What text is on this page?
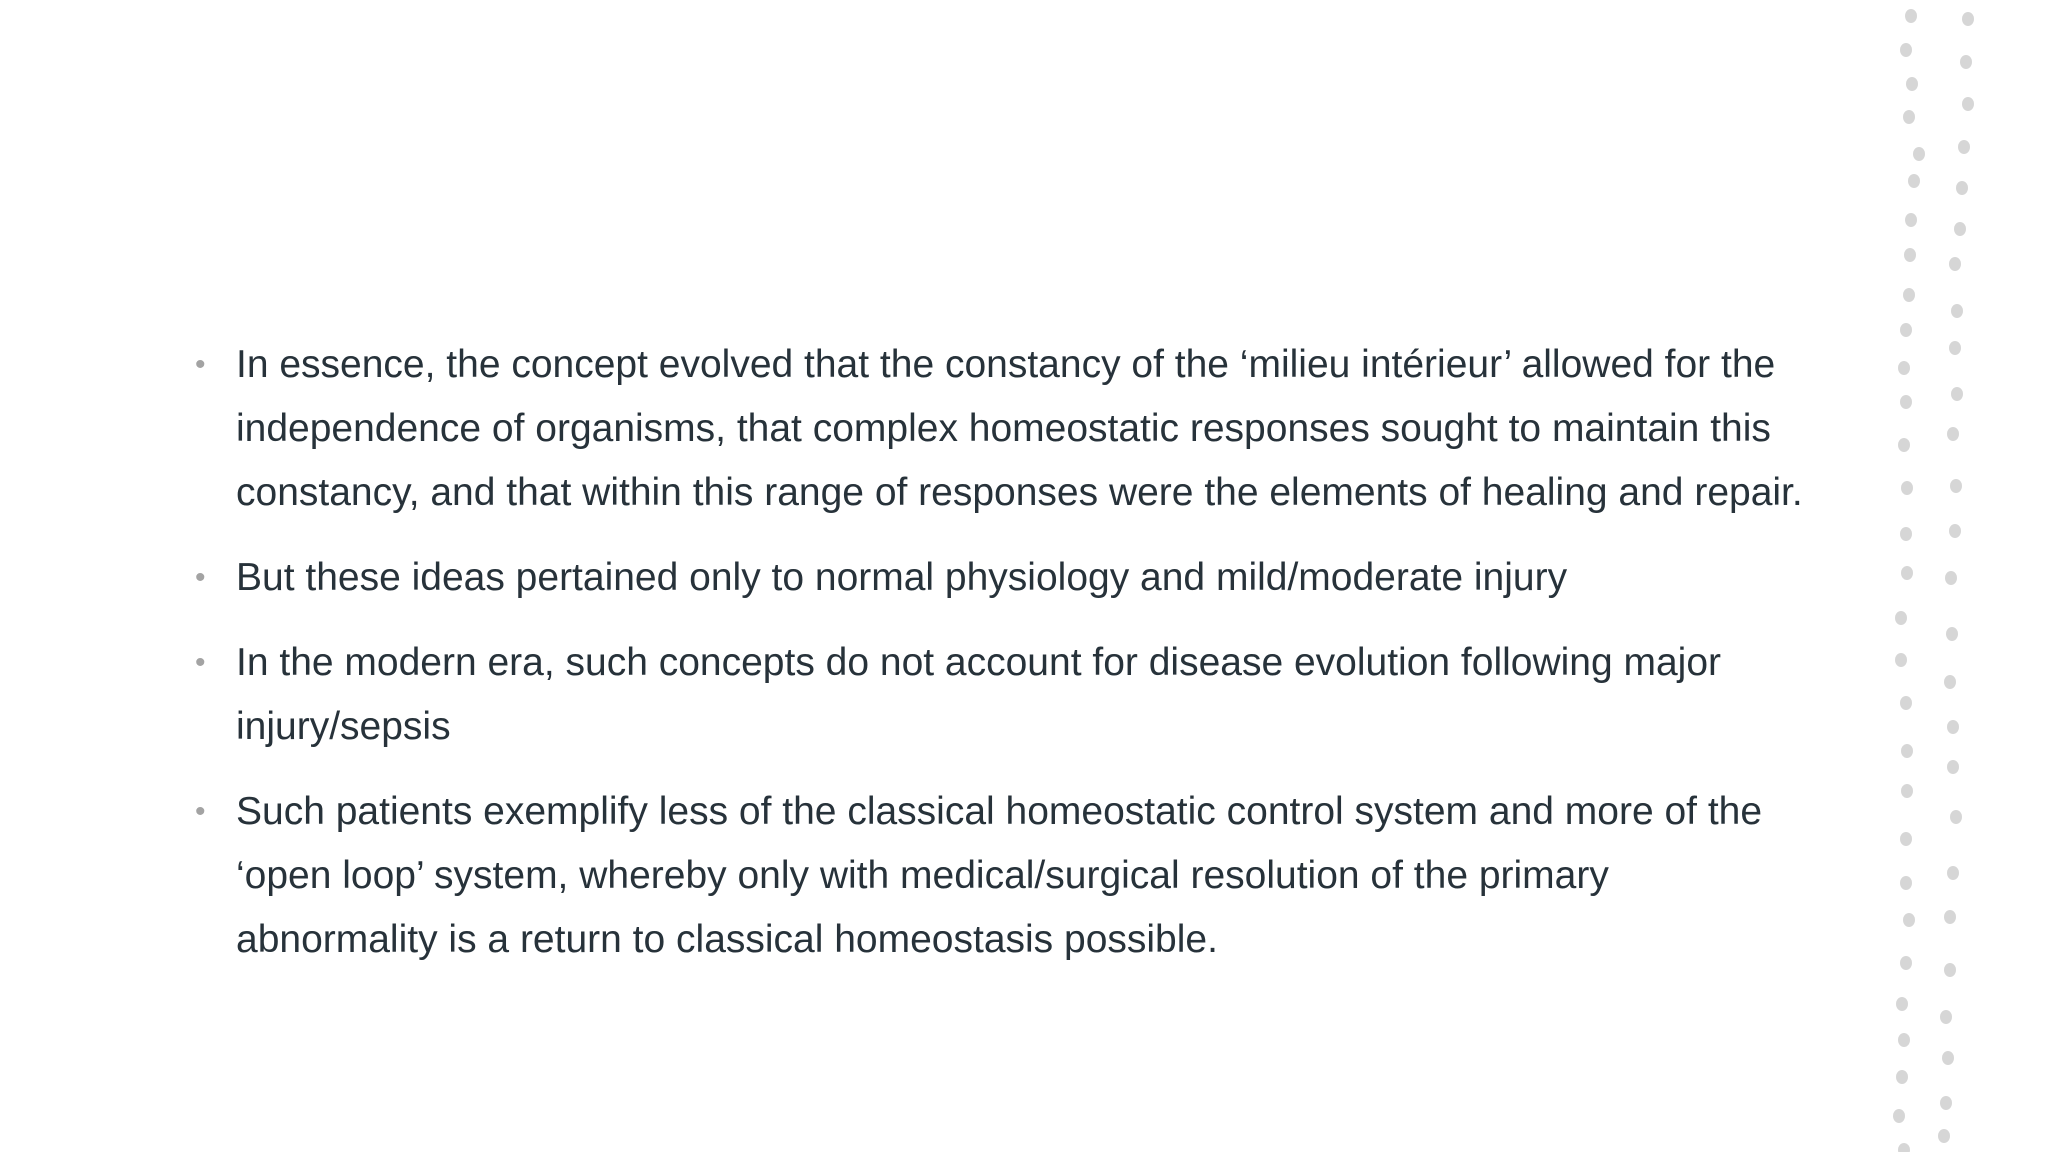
• In essence, the concept evolved that the constancy of the ‘milieu intérieur’ allowed for the independence of organisms, that complex homeostatic responses sought to maintain this constancy, and that within this range of responses were the elements of healing and repair.
• But these ideas pertained only to normal physiology and mild/moderate injury
• In the modern era, such concepts do not account for disease evolution following major injury/sepsis
• Such patients exemplify less of the classical homeostatic control system and more of the ‘open loop’ system, whereby only with medical/surgical resolution of the primary abnormality is a return to classical homeostasis possible.
